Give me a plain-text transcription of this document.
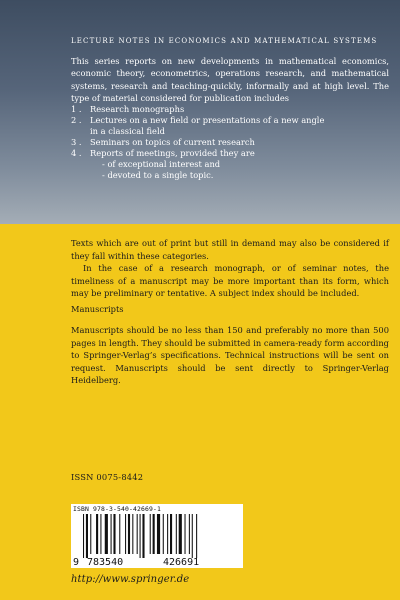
LECTURE NOTES IN ECONOMICS AND MATHEMATICAL SYSTEMS

This series reports on new developments in mathematical economics, economic theory, econometrics, operations research, and mathematical systems, research and teaching-quickly, informally and at high level. The type of material considered for publication includes

1 . Research monographs
2 . Lectures on a new field or presentations of a new angle
in a classical field
3 . Seminars on topics of current research
4 . Reports of meetings, provided they are
- of exceptional interest and
- devoted to a single topic.

Texts which are out of print but still in demand may also be considered if they fall within these categories.
In the case of a research monograph, or of seminar notes, the timeliness of a manuscript may be more important than its form, which may be preliminary or tentative. A subject index should be included.

Manuscripts

Manuscripts should be no less than 150 and preferably no more than 500 pages in length. They should be submitted in camera-ready form according to Springer-Verlag’s specifications. Technical instructions will be sent on request. Manuscripts should be sent directly to Springer-Verlag Heidelberg.

ISSN 0075-8442
ISBN 978-3-540-42669-1
9 783540	426691
http://www.springer.de
